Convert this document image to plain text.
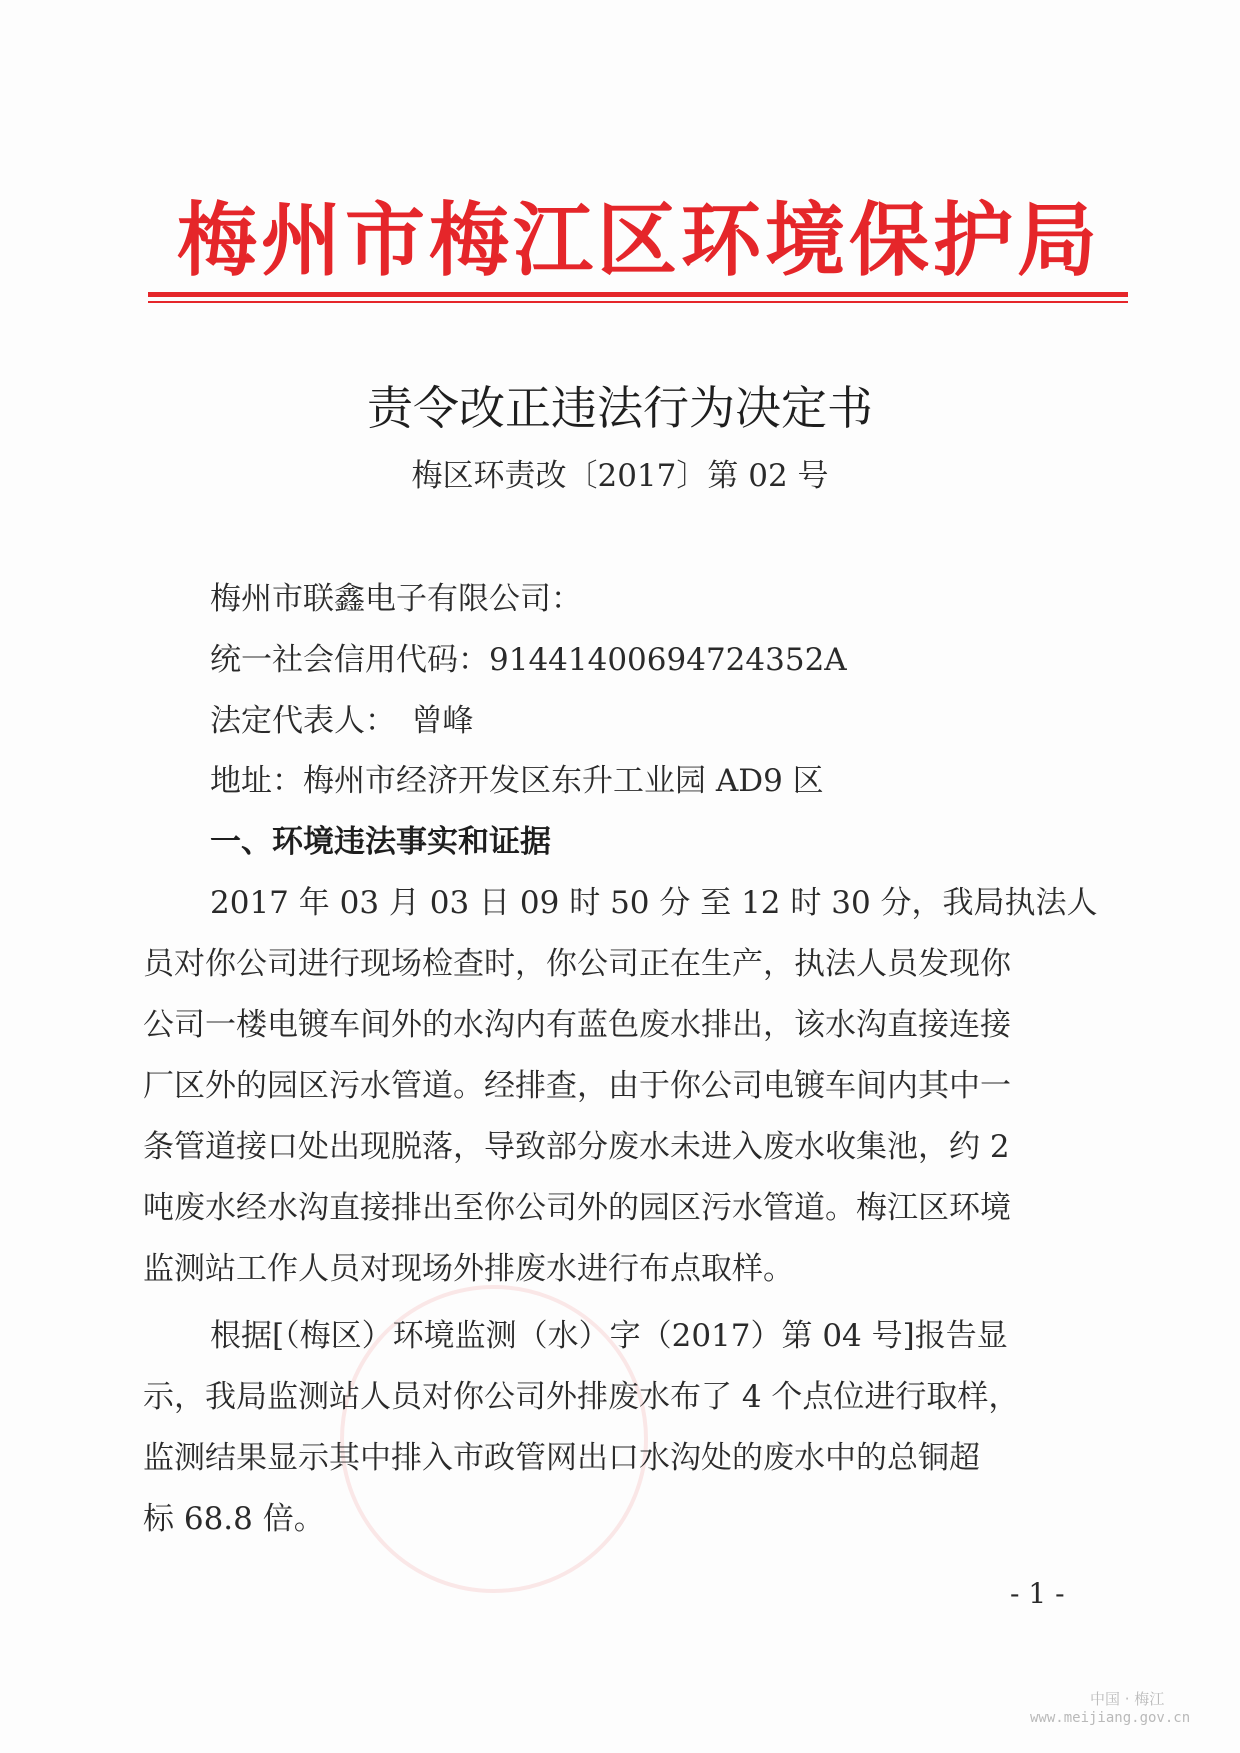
梅州市梅江区环境保护局
责令改正违法行为决定书
梅区环责改〔2017〕第 02 号
梅州市联鑫电子有限公司：
统一社会信用代码：91441400694724352A
法定代表人：　曾峰
地址：梅州市经济开发区东升工业园 AD9 区
一、环境违法事实和证据
2017 年 03 月 03 日 09 时 50 分 至 12 时 30 分，我局执法人
员对你公司进行现场检查时，你公司正在生产，执法人员发现你
公司一楼电镀车间外的水沟内有蓝色废水排出，该水沟直接连接
厂区外的园区污水管道。经排查，由于你公司电镀车间内其中一
条管道接口处出现脱落，导致部分废水未进入废水收集池，约 2
吨废水经水沟直接排出至你公司外的园区污水管道。梅江区环境
监测站工作人员对现场外排废水进行布点取样。
根据[（梅区）环境监测（水）字（2017）第 04 号]报告显
示，我局监测站人员对你公司外排废水布了 4 个点位进行取样，
监测结果显示其中排入市政管网出口水沟处的废水中的总铜超
标 68.8 倍。
- 1 -
中国 · 梅江
www.meijiang.gov.cn
